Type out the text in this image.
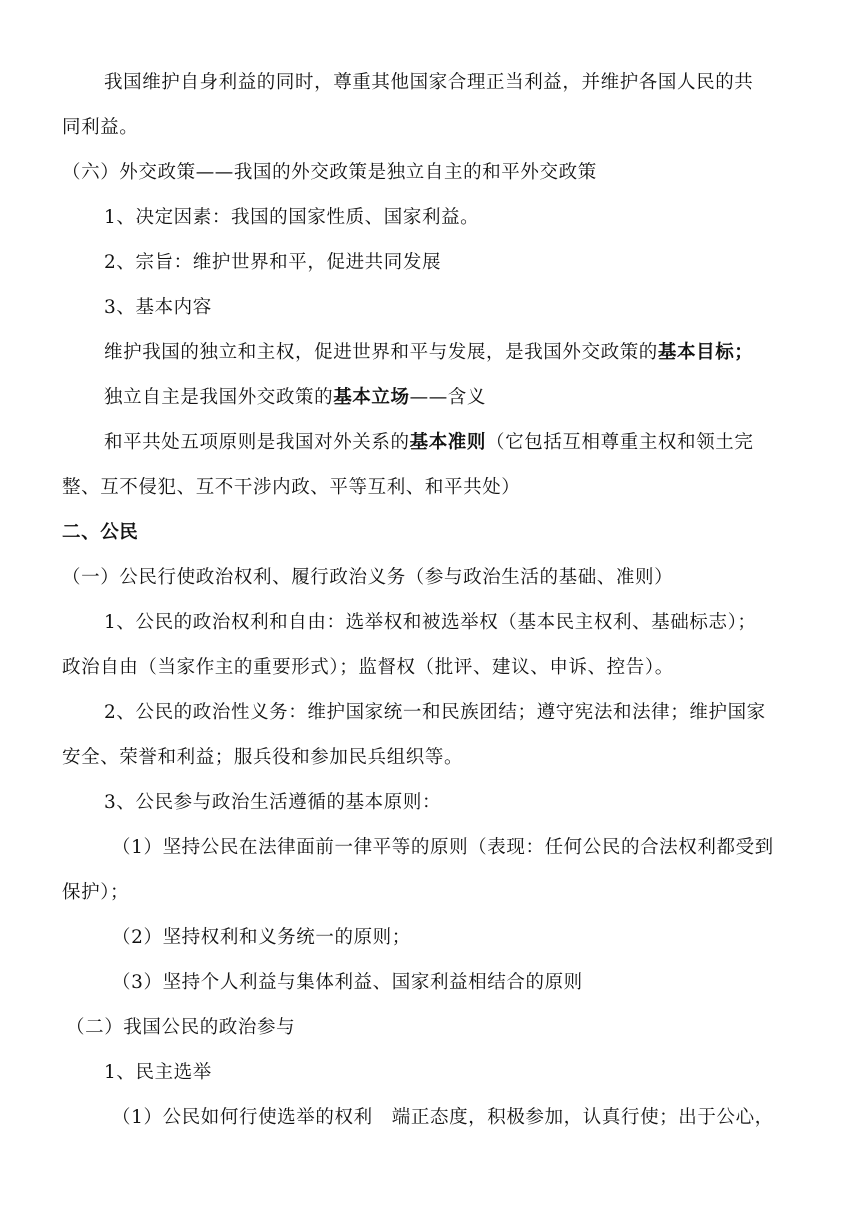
我国维护自身利益的同时，尊重其他国家合理正当利益，并维护各国人民的共
同利益。
（六）外交政策——我国的外交政策是独立自主的和平外交政策
1、决定因素：我国的国家性质、国家利益。
2、宗旨：维护世界和平，促进共同发展
3、基本内容
维护我国的独立和主权，促进世界和平与发展，是我国外交政策的基本目标；
独立自主是我国外交政策的基本立场——含义
和平共处五项原则是我国对外关系的基本准则（它包括互相尊重主权和领土完
整、互不侵犯、互不干涉内政、平等互利、和平共处）
二、公民
（一）公民行使政治权利、履行政治义务（参与政治生活的基础、准则）
1、公民的政治权利和自由：选举权和被选举权（基本民主权利、基础标志）；
政治自由（当家作主的重要形式）；监督权（批评、建议、申诉、控告）。
2、公民的政治性义务：维护国家统一和民族团结；遵守宪法和法律；维护国家
安全、荣誉和利益；服兵役和参加民兵组织等。
3、公民参与政治生活遵循的基本原则：
（1）坚持公民在法律面前一律平等的原则（表现：任何公民的合法权利都受到
保护）；
（2）坚持权利和义务统一的原则；
（3）坚持个人利益与集体利益、国家利益相结合的原则
（二）我国公民的政治参与
1、民主选举
（1）公民如何行使选举的权利　端正态度，积极参加，认真行使；出于公心，
